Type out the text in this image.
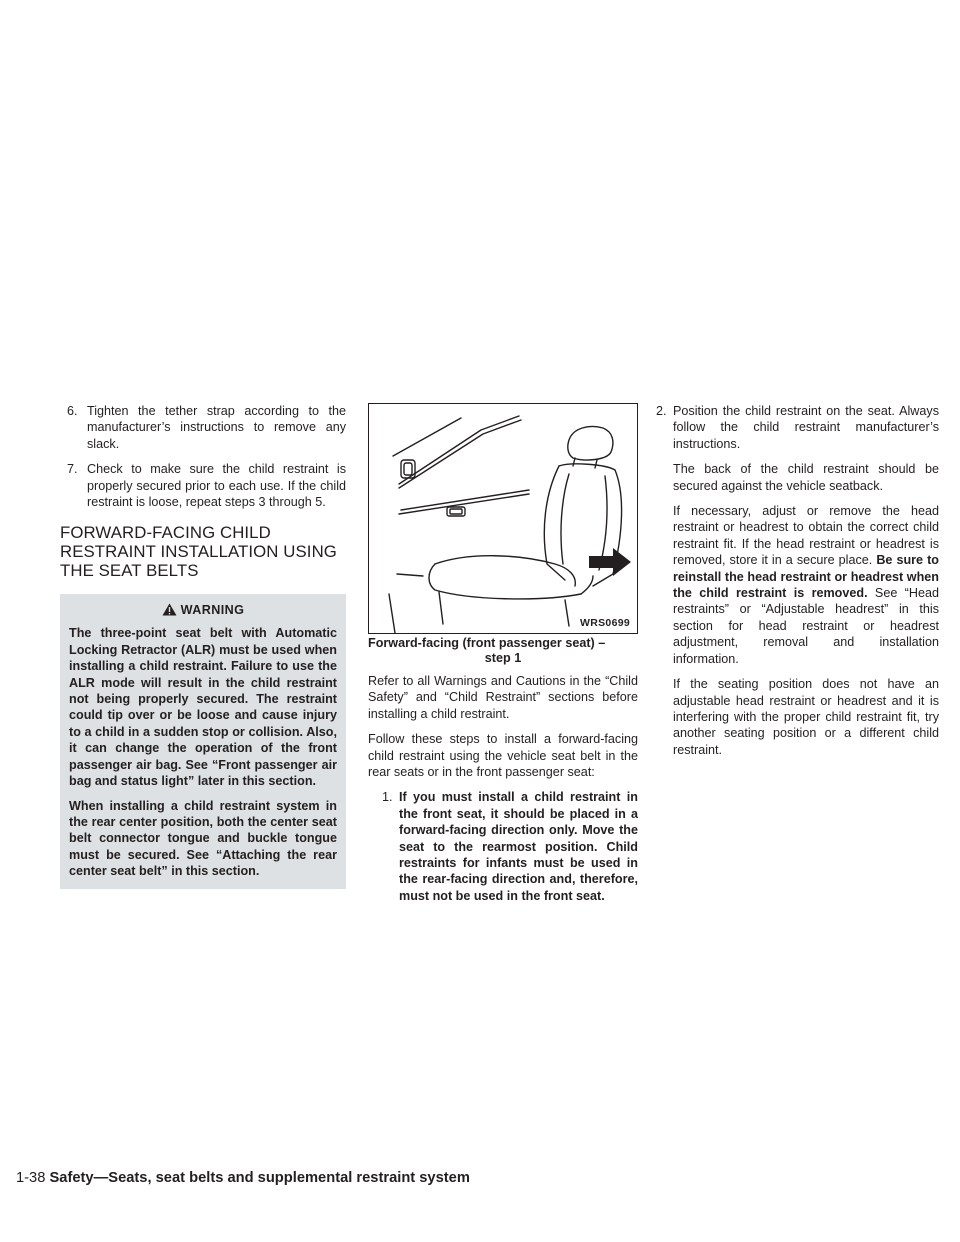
6. Tighten the tether strap according to the manufacturer’s instructions to remove any slack.
7. Check to make sure the child restraint is properly secured prior to each use. If the child restraint is loose, repeat steps 3 through 5.
FORWARD-FACING CHILD
RESTRAINT INSTALLATION USING
THE SEAT BELTS
WARNING

The three-point seat belt with Automatic Locking Retractor (ALR) must be used when installing a child restraint. Failure to use the ALR mode will result in the child restraint not being properly secured. The restraint could tip over or be loose and cause injury to a child in a sudden stop or collision. Also, it can change the operation of the front passenger air bag. See “Front passenger air bag and status light” later in this section.

When installing a child restraint system in the rear center position, both the center seat belt connector tongue and buckle tongue must be secured. See “Attaching the rear center seat belt” in this section.

WRS0699
Forward-facing (front passenger seat) –
step 1

Refer to all Warnings and Cautions in the “Child Safety” and “Child Restraint” sections before installing a child restraint.

Follow these steps to install a forward-facing child restraint using the vehicle seat belt in the rear seats or in the front passenger seat:

1. If you must install a child restraint in the front seat, it should be placed in a forward-facing direction only. Move the seat to the rearmost position. Child restraints for infants must be used in the rear-facing direction and, therefore, must not be used in the front seat.
2. Position the child restraint on the seat. Always follow the child restraint manufacturer’s instructions.

The back of the child restraint should be secured against the vehicle seatback.

If necessary, adjust or remove the head restraint or headrest to obtain the correct child restraint fit. If the head restraint or headrest is removed, store it in a secure place. Be sure to reinstall the head restraint or headrest when the child restraint is removed. See “Head restraints” or “Adjustable headrest” in this section for head restraint or headrest adjustment, removal and installation information.

If the seating position does not have an adjustable head restraint or headrest and it is interfering with the proper child restraint fit, try another seating position or a different child restraint.

1-38 Safety—Seats, seat belts and supplemental restraint system
